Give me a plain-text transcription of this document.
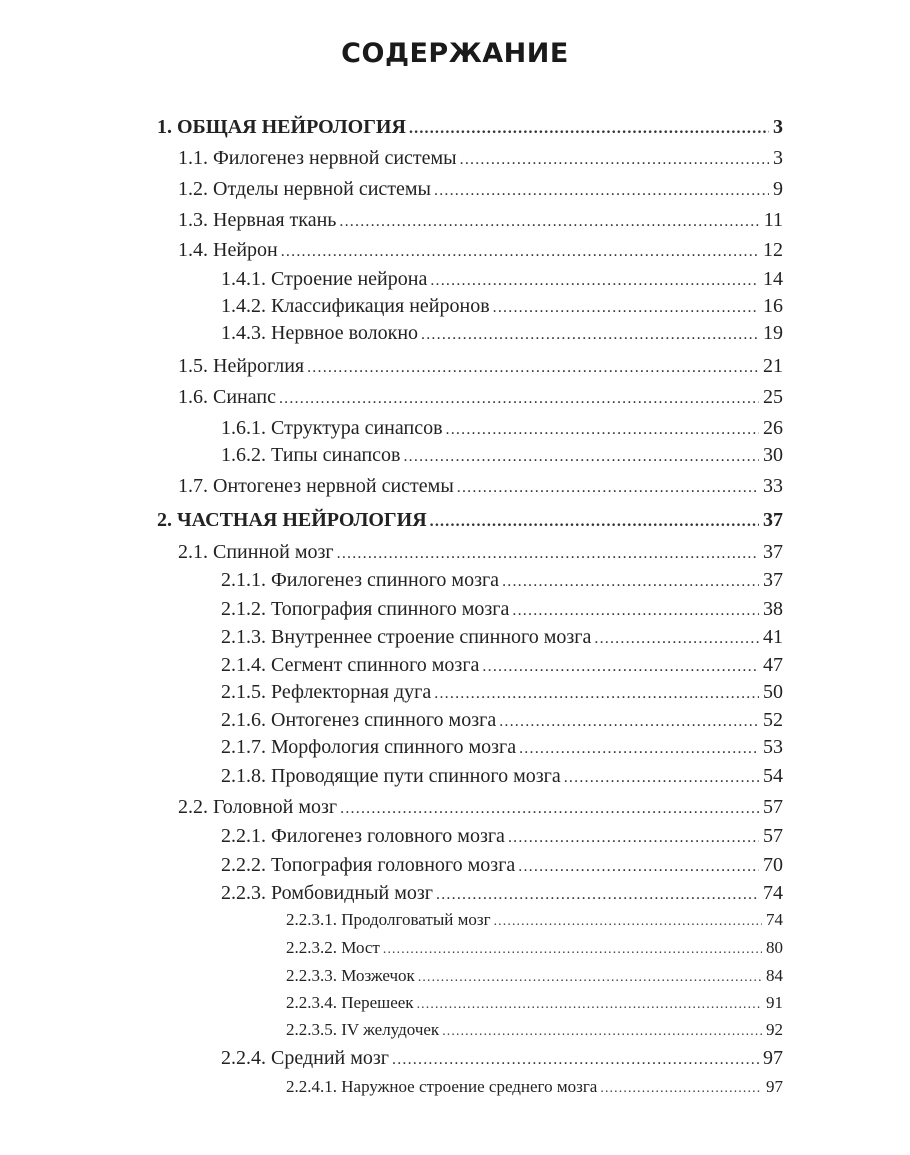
СОДЕРЖАНИЕ
1. ОБЩАЯ НЕЙРОЛОГИЯ .....	3
1.1. Филогенез нервной системы .....	3
1.2. Отделы нервной системы .....	9
1.3. Нервная ткань .....	11
1.4. Нейрон .....	12
1.4.1. Строение нейрона .....	14
1.4.2. Классификация нейронов .....	16
1.4.3. Нервное волокно .....	19
1.5. Нейроглия .....	21
1.6. Синапс .....	25
1.6.1. Структура синапсов .....	26
1.6.2. Типы синапсов .....	30
1.7. Онтогенез нервной системы .....	33
2. ЧАСТНАЯ НЕЙРОЛОГИЯ .....	37
2.1. Спинной мозг .....	37
2.1.1. Филогенез спинного мозга .....	37
2.1.2. Топография спинного мозга .....	38
2.1.3. Внутреннее строение спинного мозга .....	41
2.1.4. Сегмент спинного мозга .....	47
2.1.5. Рефлекторная дуга .....	50
2.1.6. Онтогенез спинного мозга .....	52
2.1.7. Морфология спинного мозга .....	53
2.1.8. Проводящие пути спинного мозга .....	54
2.2. Головной мозг .....	57
2.2.1. Филогенез головного мозга .....	57
2.2.2. Топография головного мозга .....	70
2.2.3. Ромбовидный мозг .....	74
2.2.3.1. Продолговатый мозг .....	74
2.2.3.2. Мост .....	80
2.2.3.3. Мозжечок .....	84
2.2.3.4. Перешеек .....	91
2.2.3.5. IV желудочек .....	92
2.2.4. Средний мозг .....	97
2.2.4.1. Наружное строение среднего мозга .....	97
